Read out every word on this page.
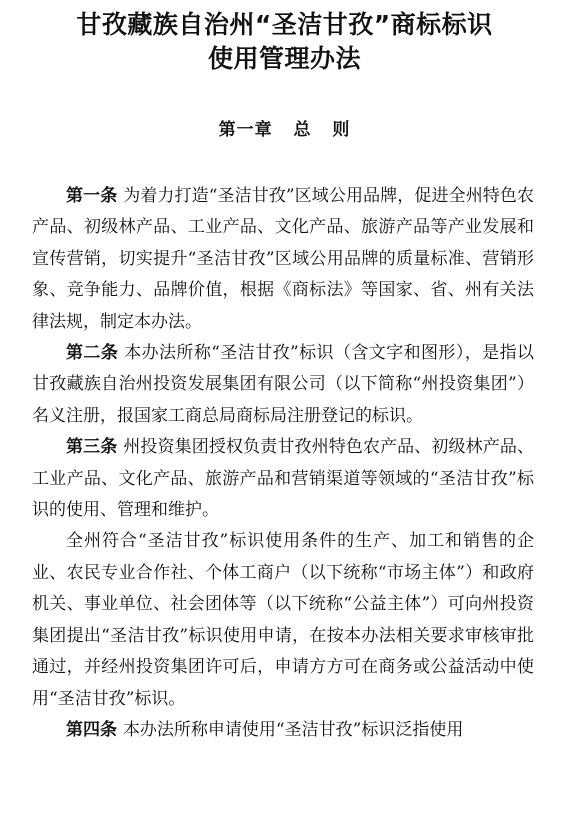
甘孜藏族自治州“圣洁甘孜”商标标识
使用管理办法
第一章 总 则

第一条 为着力打造“圣洁甘孜”区域公用品牌，促进全州特色农产品、初级林产品、工业产品、文化产品、旅游产品等产业发展和宣传营销，切实提升“圣洁甘孜”区域公用品牌的质量标准、营销形象、竞争能力、品牌价值，根据《商标法》等国家、省、州有关法律法规，制定本办法。

第二条 本办法所称“圣洁甘孜”标识（含文字和图形），是指以甘孜藏族自治州投资发展集团有限公司（以下简称“州投资集团”）名义注册，报国家工商总局商标局注册登记的标识。

第三条 州投资集团授权负责甘孜州特色农产品、初级林产品、工业产品、文化产品、旅游产品和营销渠道等领域的“圣洁甘孜”标识的使用、管理和维护。

全州符合“圣洁甘孜”标识使用条件的生产、加工和销售的企业、农民专业合作社、个体工商户（以下统称“市场主体”）和政府机关、事业单位、社会团体等（以下统称“公益主体”）可向州投资集团提出“圣洁甘孜”标识使用申请，在按本办法相关要求审核审批通过，并经州投资集团许可后，申请方方可在商务或公益活动中使用“圣洁甘孜”标识。

第四条 本办法所称申请使用“圣洁甘孜”标识泛指使用
